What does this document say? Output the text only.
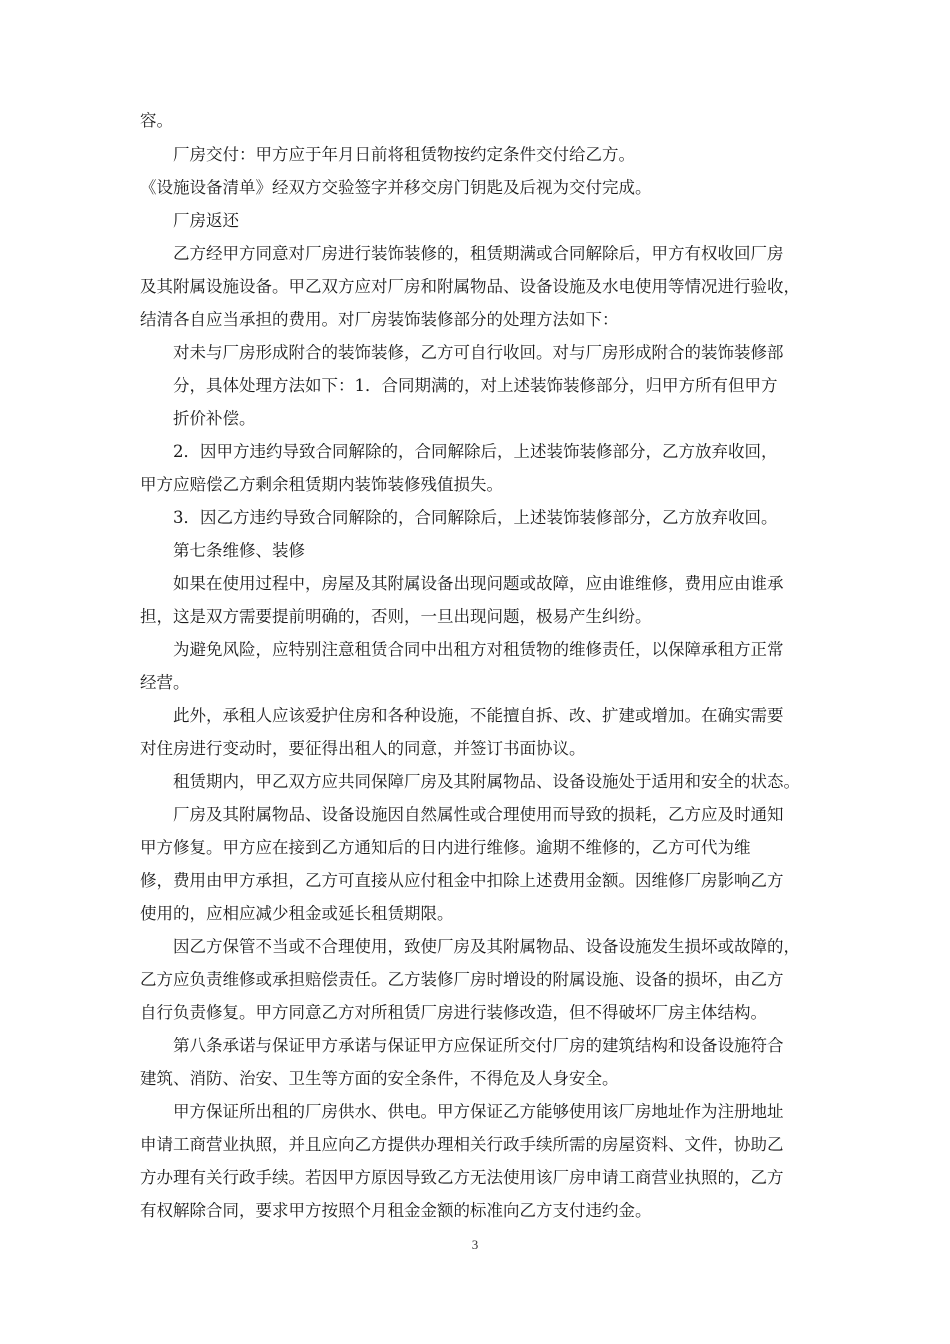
容。

厂房交付：甲方应于年月日前将租赁物按约定条件交付给乙方。

《设施设备清单》经双方交验签字并移交房门钥匙及后视为交付完成。

厂房返还

乙方经甲方同意对厂房进行装饰装修的，租赁期满或合同解除后，甲方有权收回厂房

及其附属设施设备。甲乙双方应对厂房和附属物品、设备设施及水电使用等情况进行验收，

结清各自应当承担的费用。对厂房装饰装修部分的处理方法如下：

对未与厂房形成附合的装饰装修，乙方可自行收回。对与厂房形成附合的装饰装修部

分，具体处理方法如下：1．合同期满的，对上述装饰装修部分，归甲方所有但甲方

折价补偿。

2．因甲方违约导致合同解除的，合同解除后，上述装饰装修部分，乙方放弃收回，

甲方应赔偿乙方剩余租赁期内装饰装修残值损失。

3．因乙方违约导致合同解除的，合同解除后，上述装饰装修部分，乙方放弃收回。

第七条维修、装修

如果在使用过程中，房屋及其附属设备出现问题或故障，应由谁维修，费用应由谁承

担，这是双方需要提前明确的，否则，一旦出现问题，极易产生纠纷。

为避免风险，应特别注意租赁合同中出租方对租赁物的维修责任，以保障承租方正常

经营。

此外，承租人应该爱护住房和各种设施，不能擅自拆、改、扩建或增加。在确实需要

对住房进行变动时，要征得出租人的同意，并签订书面协议。

租赁期内，甲乙双方应共同保障厂房及其附属物品、设备设施处于适用和安全的状态。

厂房及其附属物品、设备设施因自然属性或合理使用而导致的损耗，乙方应及时通知

甲方修复。甲方应在接到乙方通知后的日内进行维修。逾期不维修的，乙方可代为维

修，费用由甲方承担，乙方可直接从应付租金中扣除上述费用金额。因维修厂房影响乙方

使用的，应相应减少租金或延长租赁期限。

因乙方保管不当或不合理使用，致使厂房及其附属物品、设备设施发生损坏或故障的，

乙方应负责维修或承担赔偿责任。乙方装修厂房时增设的附属设施、设备的损坏，由乙方

自行负责修复。甲方同意乙方对所租赁厂房进行装修改造，但不得破坏厂房主体结构。

第八条承诺与保证甲方承诺与保证甲方应保证所交付厂房的建筑结构和设备设施符合

建筑、消防、治安、卫生等方面的安全条件，不得危及人身安全。

甲方保证所出租的厂房供水、供电。甲方保证乙方能够使用该厂房地址作为注册地址

申请工商营业执照，并且应向乙方提供办理相关行政手续所需的房屋资料、文件，协助乙

方办理有关行政手续。若因甲方原因导致乙方无法使用该厂房申请工商营业执照的，乙方

有权解除合同，要求甲方按照个月租金金额的标准向乙方支付违约金。

3
